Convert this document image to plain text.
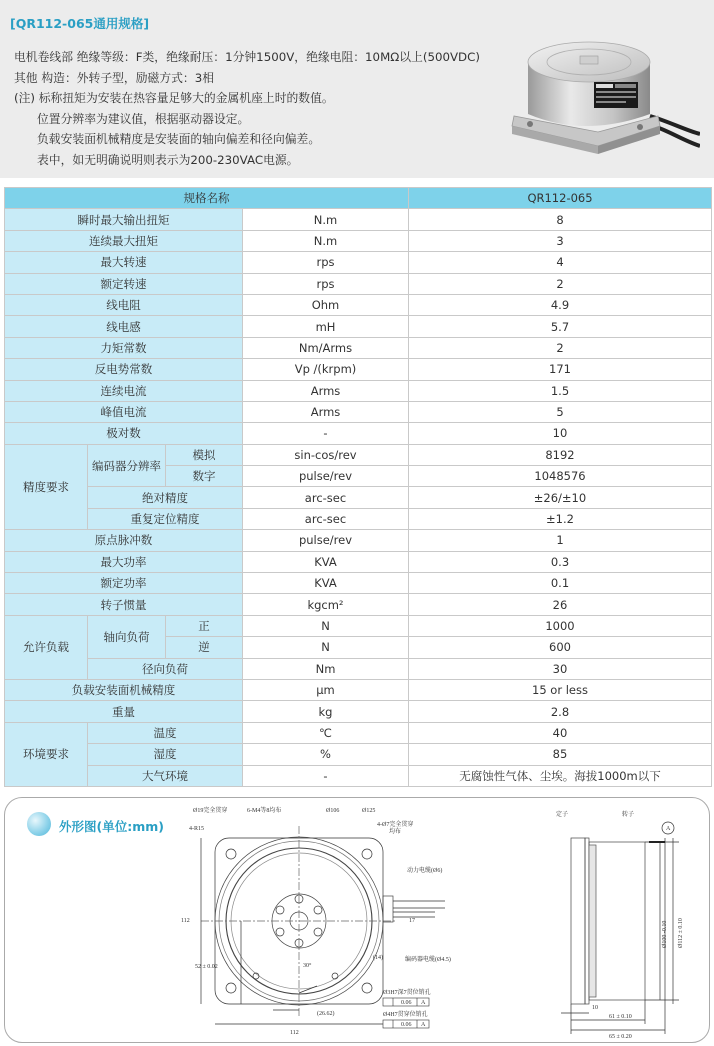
[QR112-065通用规格]
电机卷线部 绝缘等级：F类，绝缘耐压：1分钟1500V，绝缘电阻：10MΩ以上(500VDC)
其他 构造：外转子型，励磁方式：3相
(注) 标称扭矩为安装在热容量足够大的金属机座上时的数值。
位置分辨率为建议值，根据驱动器设定。
负载安装面机械精度是安装面的轴向偏差和径向偏差。
表中，如无明确说明则表示为200-230VAC电源。
规格名称				QR112-065
瞬时最大输出扭矩			N.m	8
连续最大扭矩			N.m	3
最大转速			rps	4
额定转速			rps	2
线电阻			Ohm	4.9
线电感			mH	5.7
力矩常数			Nm/Arms	2
反电势常数			Vp /(krpm)	171
连续电流			Arms	1.5
峰值电流			Arms	5
极对数			-	10
精度要求	编码器分辨率	模拟	sin-cos/rev	8192
		数字	pulse/rev	1048576
	绝对精度		arc-sec	±26/±10
	重复定位精度		arc-sec	±1.2
原点脉冲数			pulse/rev	1
最大功率			KVA	0.3
额定功率			KVA	0.1
转子惯量			kgcm²	26
允许负载	轴向负荷	正	N	1000
		逆	N	600
	径向负荷		Nm	30
负载安装面机械精度			μm	15 or less
重量			kg	2.8
环境要求	温度		℃	40
	湿度		%	85
	大气环境		-	无腐蚀性气体、尘埃。海拔1000m以下
外形图(单位:mm)
Ø19完全贯穿	6-M4等8均布	Ø106	Ø125
4-R15
4-Ø7完全贯穿
均布
动力电缆(Ø6)
编码器电缆(Ø4.5)
17
(14)
112
52 ± 0.02	30°
(26.62)
112
Ø3H7深7贯位销孔
0.06 A
Ø4H7贯穿位销孔
0.06 A
定子	转子
A
10
61 ± 0.10
65 ± 0.20
Ø100 -0.10 Ø112 ± 0.10
